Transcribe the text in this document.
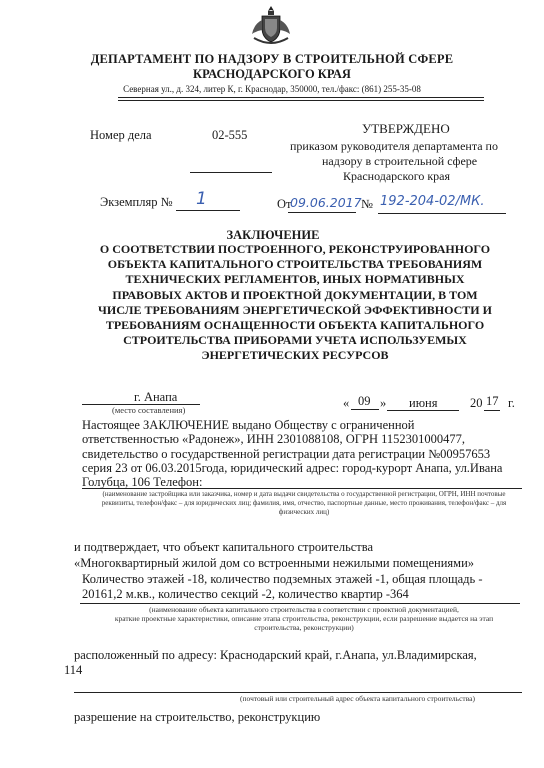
ДЕПАРТАМЕНТ ПО НАДЗОРУ В СТРОИТЕЛЬНОЙ СФЕРЕ
КРАСНОДАРСКОГО КРАЯ
Северная ул., д. 324, литер К, г. Краснодар, 350000, тел./факс: (861) 255-35-08
Номер дела	02-555	УТВЕРЖДЕНО
приказом руководителя департамента по
надзору в строительной сфере
Краснодарского края
Экземпляр № 1	От
09.06.2017 № 192-204-02/МК.
ЗАКЛЮЧЕНИЕ
О СООТВЕТСТВИИ ПОСТРОЕННОГО, РЕКОНСТРУИРОВАННОГО
ОБЪЕКТА КАПИТАЛЬНОГО СТРОИТЕЛЬСТВА ТРЕБОВАНИЯМ
ТЕХНИЧЕСКИХ РЕГЛАМЕНТОВ, ИНЫХ НОРМАТИВНЫХ
ПРАВОВЫХ АКТОВ И ПРОЕКТНОЙ ДОКУМЕНТАЦИИ, В ТОМ
ЧИСЛЕ ТРЕБОВАНИЯМ ЭНЕРГЕТИЧЕСКОЙ ЭФФЕКТИВНОСТИ И
ТРЕБОВАНИЯМ ОСНАЩЕННОСТИ ОБЪЕКТА КАПИТАЛЬНОГО
СТРОИТЕЛЬСТВА ПРИБОРАМИ УЧЕТА ИСПОЛЬЗУЕМЫХ
ЭНЕРГЕТИЧЕСКИХ РЕСУРСОВ
г. Анапа
(место составления)	« 09 » июня	20 17 г.
Настоящее ЗАКЛЮЧЕНИЕ выдано Обществу с ограниченной
ответственностью «Радонеж», ИНН 2301088108, ОГРН 1152301000477,
свидетельство о государственной регистрации дата регистрации №00957653
серия 23 от 06.03.2015года, юридический адрес: город-курорт Анапа, ул.Ивана
Голубца, 106 Телефон:
(наименование застройщика или заказчика, номер и дата выдачи свидетельства о государственной регистрации, ОГРН, ИНН почтовые
реквизиты, телефон/факс – для юридических лиц; фамилия, имя, отчество, паспортные данные, место проживания, телефон/факс – для
физических лиц)
и подтверждает, что объект капитального строительства
«Многоквартирный жилой дом со встроенными нежилыми помещениями»
Количество этажей -18, количество подземных этажей -1, общая площадь -
20161,2 м.кв., количество секций -2, количество квартир -364
(наименование объекта капитального строительства в соответствии с проектной документацией,
краткие проектные характеристики, описание этапа строительства, реконструкции, если разрешение выдается на этап
строительства, реконструкции)
расположенный по адресу: Краснодарский край, г.Анапа, ул.Владимирская,
114
(почтовый или строительный адрес объекта капитального строительства)
разрешение на строительство, реконструкцию
